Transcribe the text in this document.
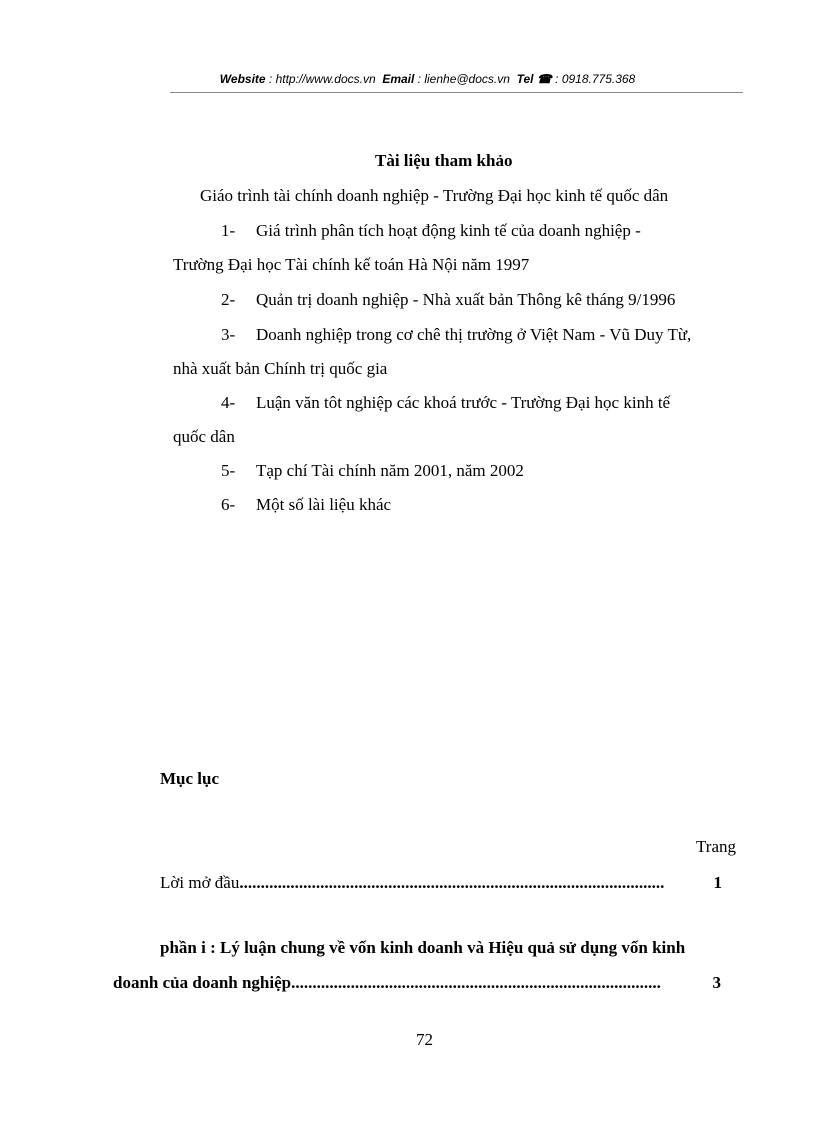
Website : http://www.docs.vn Email : lienhe@docs.vn Tel ☎ : 0918.775.368
Tài liệu tham khảo
Giáo trình tài chính doanh nghiệp - Trường Đại học kinh tế quốc dân
1- Giá trình phân tích hoạt động kinh tế của doanh nghiệp -
Trường Đại học Tài chính kế toán Hà Nội năm 1997
2- Quản trị doanh nghiệp - Nhà xuất bản Thông kê tháng 9/1996
3- Doanh nghiệp trong cơ chê thị trường ở Việt Nam - Vũ Duy Từ,
nhà xuất bản Chính trị quốc gia
4- Luận văn tôt nghiệp các khoá trước - Trường Đại học kinh tế
quốc dân
5- Tạp chí Tài chính năm 2001, năm 2002
6- Một số lài liệu khác
Mục lục
Trang
Lời mở đầu ....................................................................................................	1
phần i : Lý luận chung về vốn kinh doanh và Hiệu quả sử dụng vốn kinh
doanh của doanh nghiệp .......................................................................................	3
72
